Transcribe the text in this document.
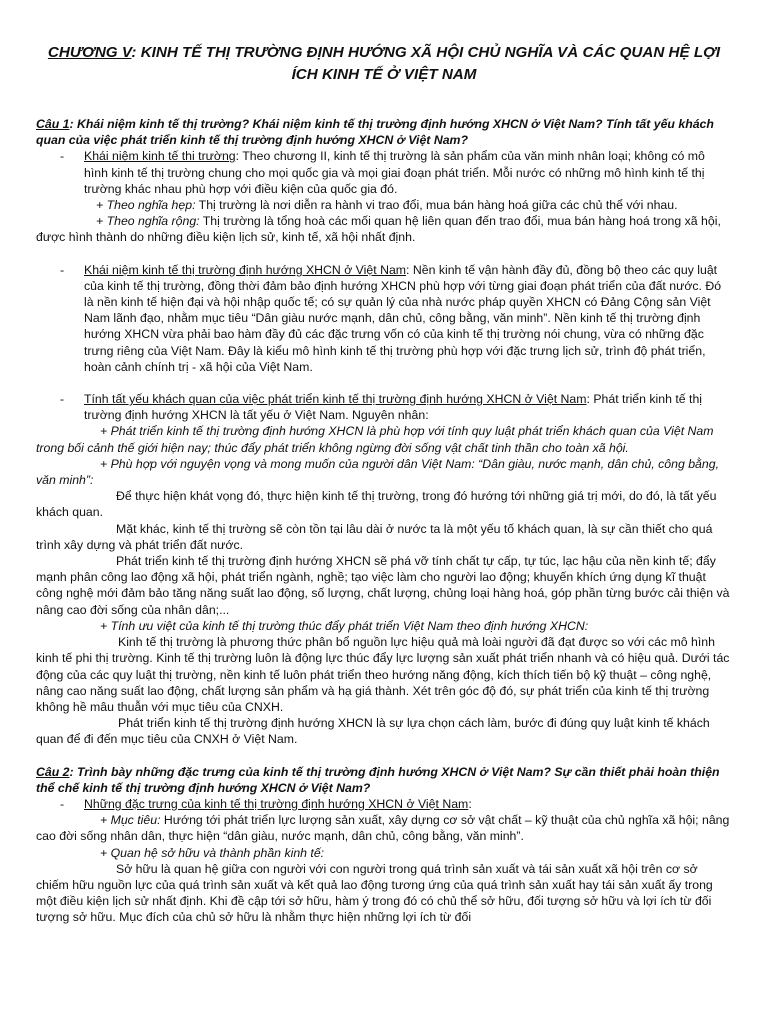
CHƯƠNG V: KINH TẾ THỊ TRƯỜNG ĐỊNH HƯỚNG XÃ HỘI CHỦ NGHĨA VÀ CÁC QUAN HỆ LỢI ÍCH KINH TẾ Ở VIỆT NAM

Câu 1: Khái niệm kinh tế thị trường? Khái niệm kinh tế thị trường định hướng XHCN ở Việt Nam? Tính tất yếu khách quan của việc phát triển kinh tế thị trường định hướng XHCN ở Việt Nam?

- Khái niệm kinh tế thị trường: Theo chương II, kinh tế thị trường là sản phẩm của văn minh nhân loại; không có mô hình kinh tế thị trường chung cho mọi quốc gia và mọi giai đoạn phát triển. Mỗi nước có những mô hình kinh tế thị trường khác nhau phù hợp với điều kiện của quốc gia đó.

+ Theo nghĩa hẹp: Thị trường là nơi diễn ra hành vi trao đổi, mua bán hàng hoá giữa các chủ thể với nhau.

+ Theo nghĩa rộng: Thị trường là tổng hoà các mối quan hệ liên quan đến trao đổi, mua bán hàng hoá trong xã hội, được hình thành do những điều kiện lịch sử, kinh tế, xã hội nhất định.

- Khái niệm kinh tế thị trường định hướng XHCN ở Việt Nam: Nền kinh tế vận hành đầy đủ, đồng bộ theo các quy luật của kinh tế thị trường, đồng thời đảm bảo định hướng XHCN phù hợp với từng giai đoạn phát triển của đất nước. Đó là nền kinh tế hiện đại và hội nhập quốc tế; có sự quản lý của nhà nước pháp quyền XHCN có Đảng Cộng sản Việt Nam lãnh đạo, nhằm mục tiêu “Dân giàu nước mạnh, dân chủ, công bằng, văn minh”. Nền kinh tế thị trường định hướng XHCN vừa phải bao hàm đầy đủ các đặc trưng vốn có của kinh tế thị trường nói chung, vừa có những đặc trưng riêng của Việt Nam. Đây là kiểu mô hình kinh tế thị trường phù hợp với đặc trưng lịch sử, trình độ phát triển, hoàn cảnh chính trị - xã hội của Việt Nam.
- Tính tất yếu khách quan của việc phát triển kinh tế thị trường định hướng XHCN ở Việt Nam: Phát triển kinh tế thị trường định hướng XHCN là tất yếu ở Việt Nam. Nguyên nhân:

+ Phát triển kinh tế thị trường định hướng XHCN là phù hợp với tính quy luật phát triển khách quan của Việt Nam trong bối cảnh thế giới hiện nay; thúc đẩy phát triển không ngừng đời sống vật chất tinh thần cho toàn xã hội.

+ Phù hợp với nguyện vọng và mong muốn của người dân Việt Nam: “Dân giàu, nước mạnh, dân chủ, công bằng, văn minh”:

Để thực hiện khát vọng đó, thực hiện kinh tế thị trường, trong đó hướng tới những giá trị mới, do đó, là tất yếu khách quan.

Mặt khác, kinh tế thị trường sẽ còn tồn tại lâu dài ở nước ta là một yếu tố khách quan, là sự cần thiết cho quá trình xây dựng và phát triển đất nước.

Phát triển kinh tế thị trường định hướng XHCN sẽ phá vỡ tính chất tự cấp, tự túc, lạc hậu của nền kinh tế; đẩy mạnh phân công lao động xã hội, phát triển ngành, nghề; tạo việc làm cho người lao động; khuyến khích ứng dụng kĩ thuật công nghệ mới đảm bảo tăng năng suất lao động, số lượng, chất lượng, chủng loại hàng hoá, góp phần từng bước cải thiện và nâng cao đời sống của nhân dân;...

+ Tính ưu việt của kinh tế thị trường thúc đẩy phát triển Việt Nam theo định hướng XHCN:

Kinh tế thị trường là phương thức phân bổ nguồn lực hiệu quả mà loài người đã đạt được so với các mô hình kinh tế phi thị trường. Kinh tế thị trường luôn là động lực thúc đẩy lực lượng sản xuất phát triển nhanh và có hiệu quả. Dưới tác động của các quy luật thị trường, nền kinh tế luôn phát triển theo hướng năng động, kích thích tiến bộ kỹ thuật – công nghệ, nâng cao năng suất lao động, chất lượng sản phẩm và hạ giá thành. Xét trên góc độ đó, sự phát triển của kinh tế thị trường không hề mâu thuẫn với mục tiêu của CNXH.

Phát triển kinh tế thị trường định hướng XHCN là sự lựa chọn cách làm, bước đi đúng quy luật kinh tế khách quan để đi đến mục tiêu của CNXH ở Việt Nam.

Câu 2: Trình bày những đặc trưng của kinh tế thị trường định hướng XHCN ở Việt Nam? Sự cần thiết phải hoàn thiện thể chế kinh tế thị trường định hướng XHCN ở Việt Nam?

- Những đặc trưng của kinh tế thị trường định hướng XHCN ở Việt Nam:

+ Mục tiêu: Hướng tới phát triển lực lượng sản xuất, xây dựng cơ sở vật chất – kỹ thuật của chủ nghĩa xã hội; nâng cao đời sống nhân dân, thực hiện “dân giàu, nước mạnh, dân chủ, công bằng, văn minh”.

+ Quan hệ sở hữu và thành phần kinh tế:

Sở hữu là quan hệ giữa con người với con người trong quá trình sản xuất và tái sản xuất xã hội trên cơ sở chiếm hữu nguồn lực của quá trình sản xuất và kết quả lao động tương ứng của quá trình sản xuất hay tái sản xuất ấy trong một điều kiện lịch sử nhất định. Khi đề cập tới sở hữu, hàm ý trong đó có chủ thể sở hữu, đối tượng sở hữu và lợi ích từ đối tượng sở hữu. Mục đích của chủ sở hữu là nhằm thực hiện những lợi ích từ đối
